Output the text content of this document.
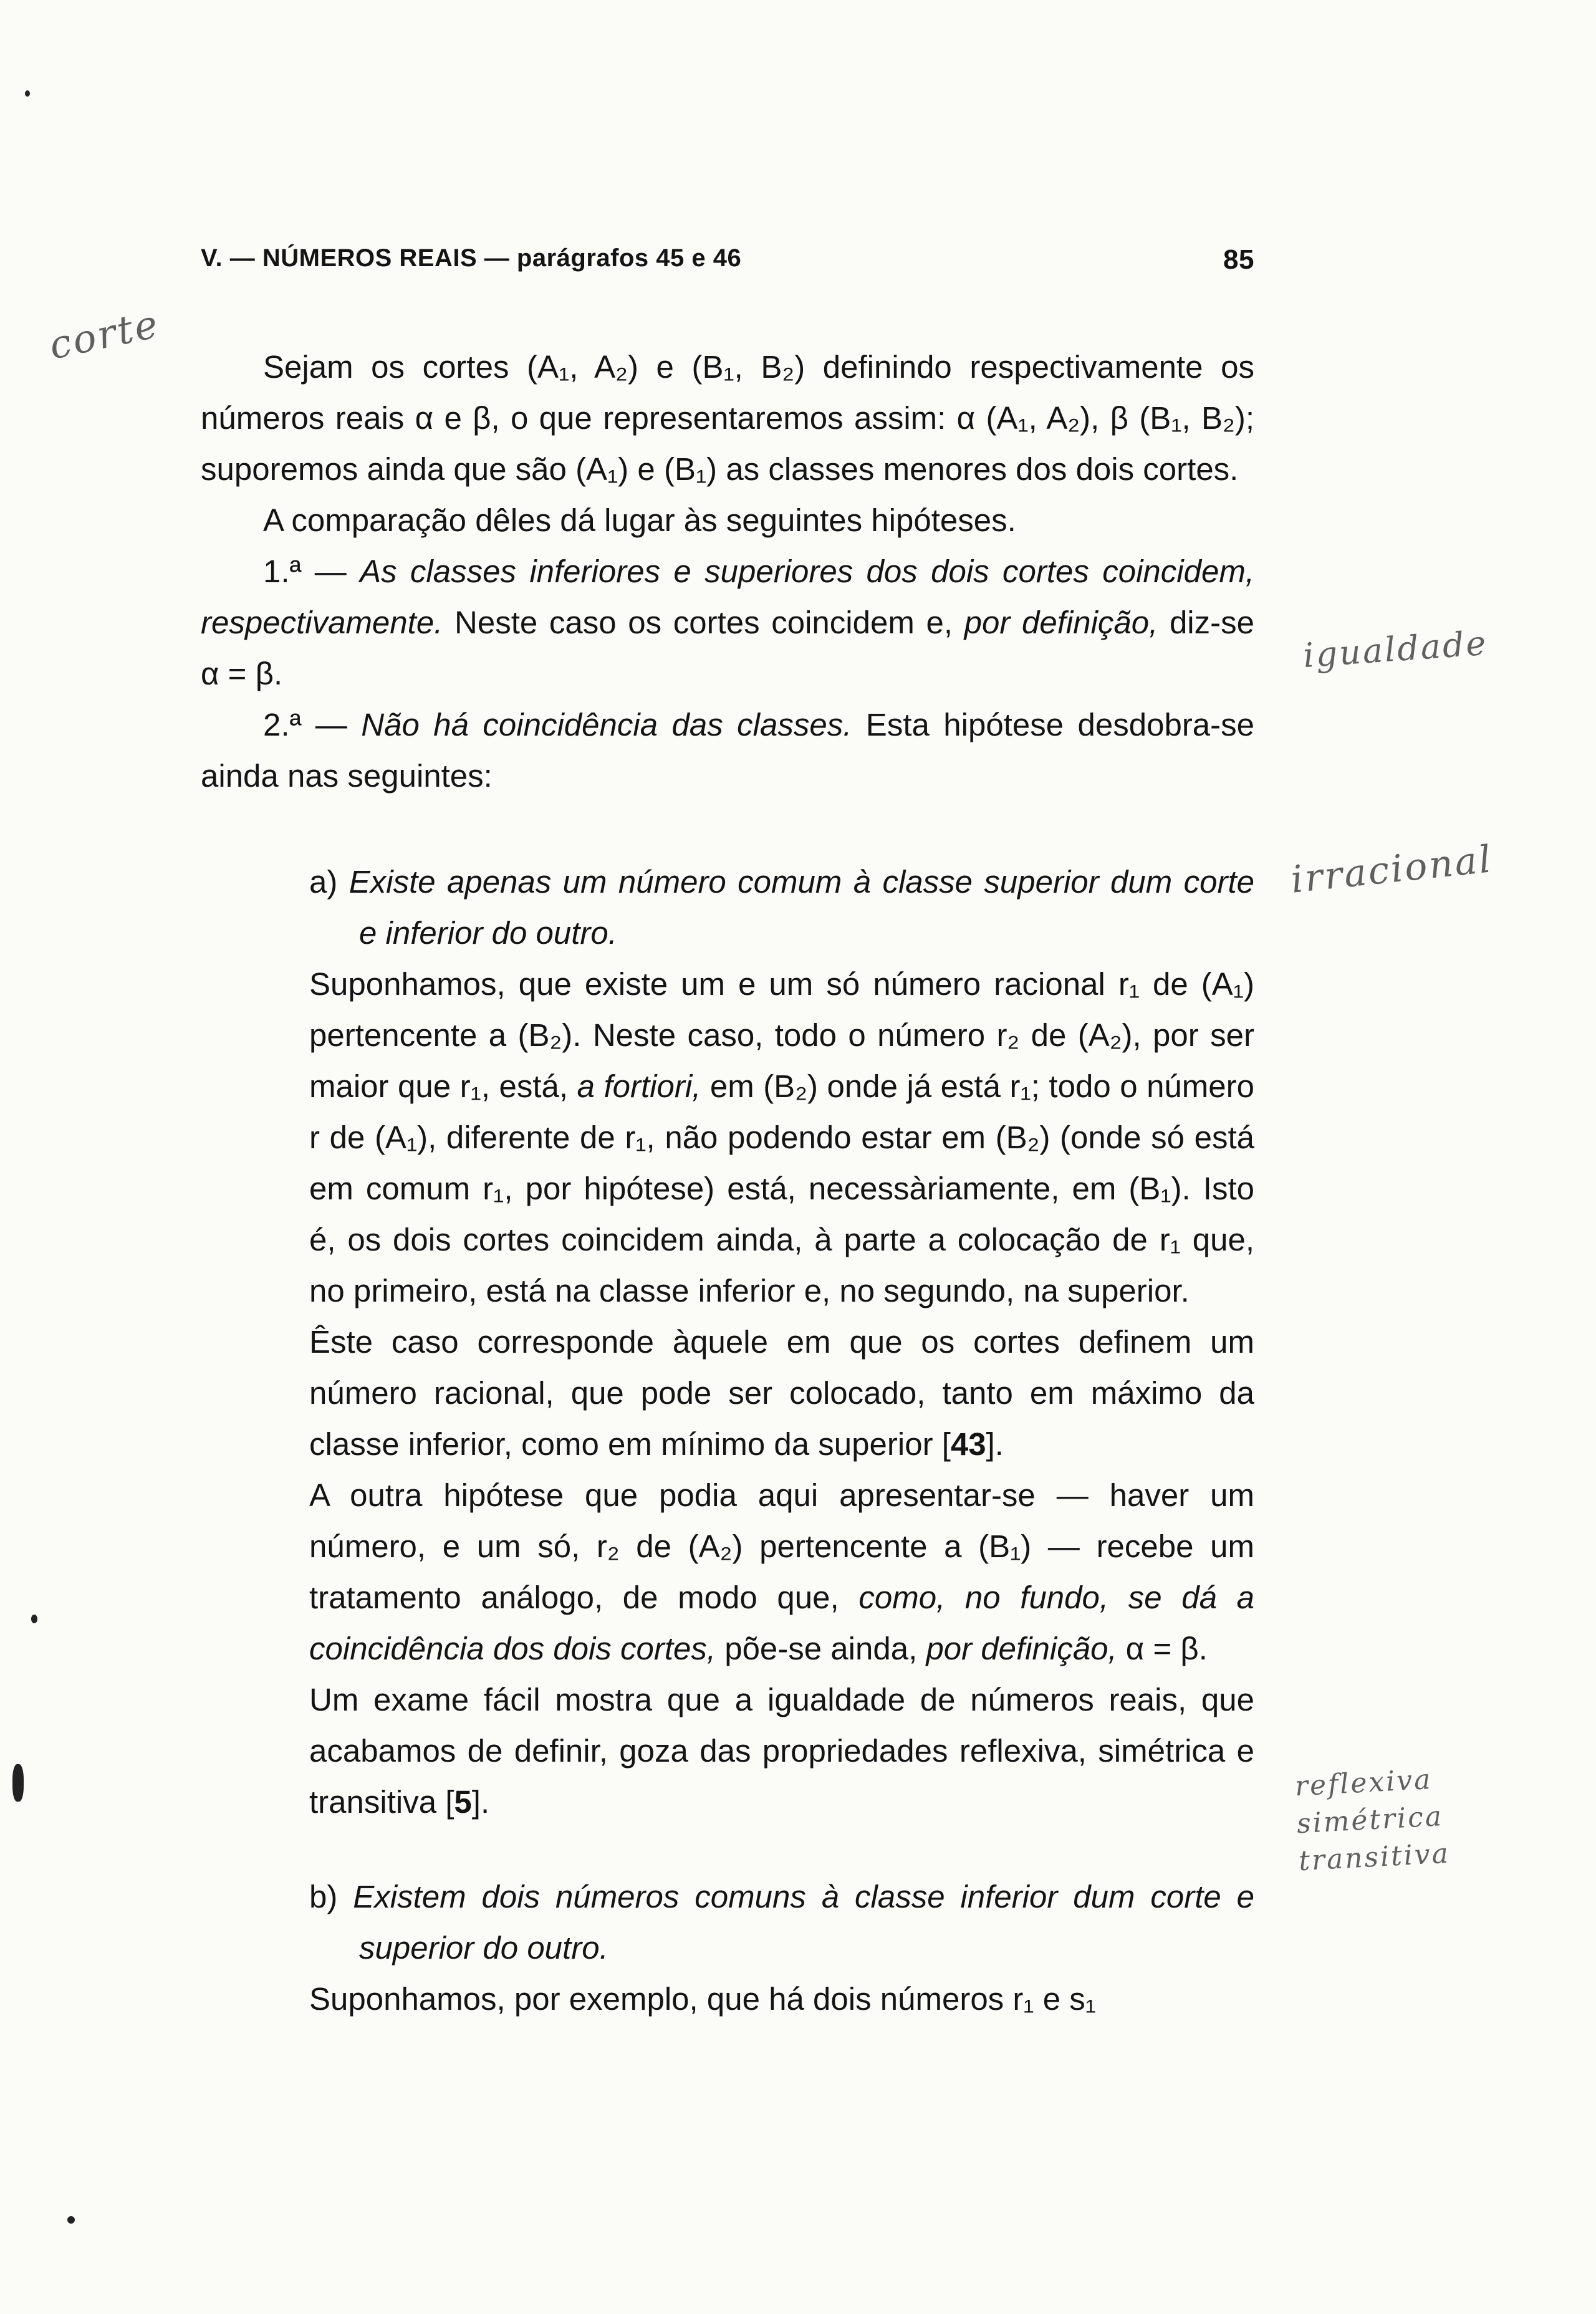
V. — NÚMEROS REAIS — parágrafos 45 e 46	85
corte
igualdade
irracional
reflexiva
simétrica
transitiva

Sejam os cortes (A₁, A₂) e (B₁, B₂) definindo respectivamente os números reais α e β, o que representaremos assim: α (A₁, A₂), β (B₁, B₂); suporemos ainda que são (A₁) e (B₁) as classes menores dos dois cortes.

A comparação dêles dá lugar às seguintes hipóteses.

1.ª — As classes inferiores e superiores dos dois cortes coincidem, respectivamente. Neste caso os cortes coincidem e, por definição, diz-se α = β.

2.ª — Não há coincidência das classes. Esta hipótese desdobra-se ainda nas seguintes:

a) Existe apenas um número comum à classe superior dum corte e inferior do outro.

Suponhamos, que existe um e um só número racional r₁ de (A₁) pertencente a (B₂). Neste caso, todo o número r₂ de (A₂), por ser maior que r₁, está, a fortiori, em (B₂) onde já está r₁; todo o número r de (A₁), diferente de r₁, não podendo estar em (B₂) (onde só está em comum r₁, por hipótese) está, necessàriamente, em (B₁). Isto é, os dois cortes coincidem ainda, à parte a colocação de r₁ que, no primeiro, está na classe inferior e, no segundo, na superior.

Êste caso corresponde àquele em que os cortes definem um número racional, que pode ser colocado, tanto em máximo da classe inferior, como em mínimo da superior [43].

A outra hipótese que podia aqui apresentar-se — haver um número, e um só, r₂ de (A₂) pertencente a (B₁) — recebe um tratamento análogo, de modo que, como, no fundo, se dá a coincidência dos dois cortes, põe-se ainda, por definição, α = β.

Um exame fácil mostra que a igualdade de números reais, que acabamos de definir, goza das propriedades reflexiva, simétrica e transitiva [5].

b) Existem dois números comuns à classe inferior dum corte e superior do outro.

Suponhamos, por exemplo, que há dois números r₁ e s₁
